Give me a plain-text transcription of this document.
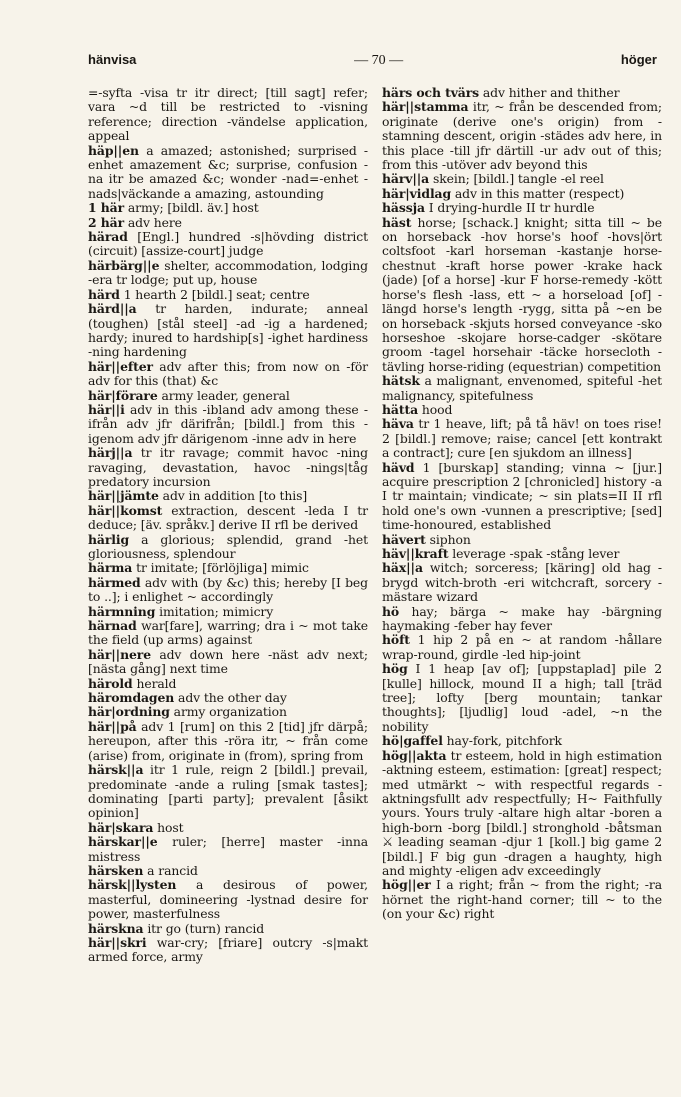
hänvisa	— 70 —	höger

=-syfta -visa tr itr direct; [till sagt] refer; vara ~d till be restricted to -visning reference; direction -vändelse application, appeal

häp||en a amazed; astonished; surprised -enhet amazement &c; surprise, confusion -na itr be amazed &c; wonder -nad=-enhet -nads|väckande a amazing, astounding

1 här army; [bildl. äv.] host

2 här adv here

härad [Engl.] hundred -s|hövding district (circuit) [assize-court] judge

härbärg||e shelter, accommodation, lodging -era tr lodge; put up, house

härd 1 hearth 2 [bildl.] seat; centre

härd||a tr harden, indurate; anneal (toughen) [stål steel] -ad -ig a hardened; hardy; inured to hardship[s] -ighet hardiness -ning hardening

här||efter adv after this; from now on -för adv for this (that) &c

här|förare army leader, general

här||i adv in this -ibland adv among these -ifrån adv jfr därifrån; [bildl.] from this -igenom adv jfr därigenom -inne adv in here

härj||a tr itr ravage; commit havoc -ning ravaging, devastation, havoc -nings|tåg predatory incursion

här||jämte adv in addition [to this]

här||komst extraction, descent -leda I tr deduce; [äv. språkv.] derive II rfl be derived

härlig a glorious; splendid, grand -het gloriousness, splendour

härma tr imitate; [förlöjliga] mimic

härmed adv with (by &c) this; hereby [I beg to ..]; i enlighet ~ accordingly

härmning imitation; mimicry

härnad war[fare], warring; dra i ~ mot take the field (up arms) against

här||nere adv down here -näst adv next; [nästa gång] next time

härold herald

häromdagen adv the other day

här|ordning army organization

här||på adv 1 [rum] on this 2 [tid] jfr därpå; hereupon, after this -röra itr, ~ från come (arise) from, originate in (from), spring from

härsk||a itr 1 rule, reign 2 [bildl.] prevail, predominate -ande a ruling [smak tastes]; dominating [parti party]; prevalent [åsikt opinion]

här|skara host

härskar||e ruler; [herre] master -inna mistress

härsken a rancid

härsk||lysten a desirous of power, masterful, domineering -lystnad desire for power, masterfulness

härskna itr go (turn) rancid

här||skri war-cry; [friare] outcry -s|makt armed force, army

härs och tvärs adv hither and thither

här||stamma itr, ~ från be descended from; originate (derive one's origin) from -stamning descent, origin -städes adv here, in this place -till jfr därtill -ur adv out of this; from this -utöver adv beyond this

härv||a skein; [bildl.] tangle -el reel

här|vidlag adv in this matter (respect)

hässja I drying-hurdle II tr hurdle

häst horse; [schack.] knight; sitta till ~ be on horseback -hov horse's hoof -hovs|ört coltsfoot -karl horseman -kastanje horse-chestnut -kraft horse power -krake hack (jade) [of a horse] -kur F horse-remedy -kött horse's flesh -lass, ett ~ a horseload [of] -längd horse's length -rygg, sitta på ~en be on horseback -skjuts horsed conveyance -sko horseshoe -skojare horse-cadger -skötare groom -tagel horsehair -täcke horsecloth -tävling horse-riding (equestrian) competition

hätsk a malignant, envenomed, spiteful -het malignancy, spitefulness

hätta hood

häva tr 1 heave, lift; på tå häv! on toes rise! 2 [bildl.] remove; raise; cancel [ett kontrakt a contract]; cure [en sjukdom an illness]

hävd 1 [burskap] standing; vinna ~ [jur.] acquire prescription 2 [chronicled] history -a I tr maintain; vindicate; ~ sin plats=II II rfl hold one's own -vunnen a prescriptive; [sed] time-honoured, established

hävert siphon

häv||kraft leverage -spak -stång lever

häx||a witch; sorceress; [käring] old hag -brygd witch-broth -eri witchcraft, sorcery -mästare wizard

hö hay; bärga ~ make hay -bärgning haymaking -feber hay fever

höft 1 hip 2 på en ~ at random -hållare wrap-round, girdle -led hip-joint

hög I 1 heap [av of]; [uppstaplad] pile 2 [kulle] hillock, mound II a high; tall [träd tree]; lofty [berg mountain; tankar thoughts]; [ljudlig] loud -adel, ~n the nobility

hö|gaffel hay-fork, pitchfork

hög||akta tr esteem, hold in high estimation -aktning esteem, estimation: [great] respect; med utmärkt ~ with respectful regards -aktningsfullt adv respectfully; H~ Faithfully yours. Yours truly -altare high altar -boren a high-born -borg [bildl.] stronghold -båtsman ⚔ leading seaman -djur 1 [koll.] big game 2 [bildl.] F big gun -dragen a haughty, high and mighty -eligen adv exceedingly

hög||er I a right; från ~ from the right; -ra hörnet the right-hand corner; till ~ to the (on your &c) right
